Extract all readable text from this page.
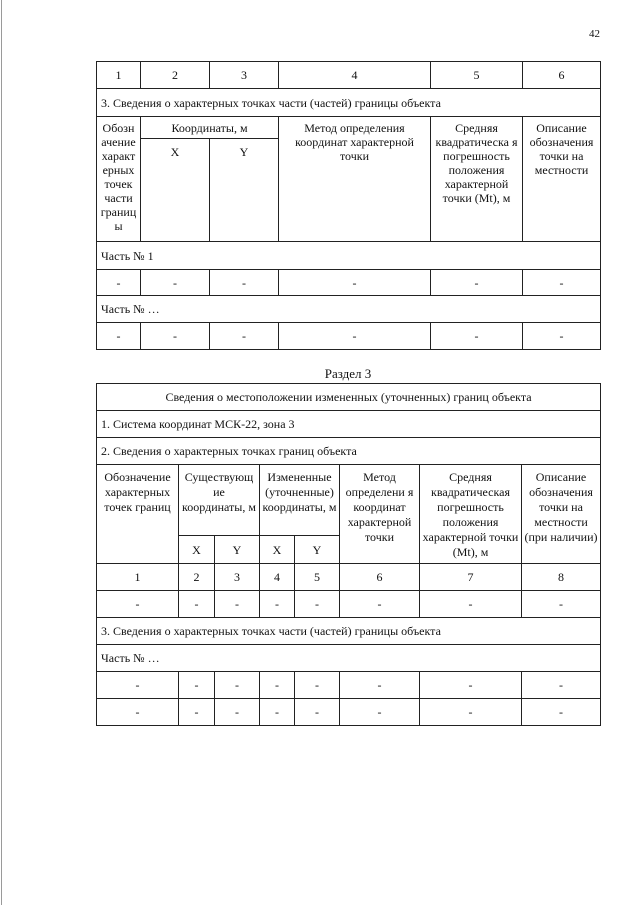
42
1	2	3	4	5	6
3. Сведения о характерных точках части (частей) границы объекта					
Обозн ачение характ ерных точек части границ ы	Координаты, м		Метод определения координат характерной точки	Средняя квадратическа я погрешность положения характерной точки (Mt), м	Описание обозначения точки на местности
	X	Y			
Часть № 1					
-	-	-	-	-	-
Часть № …					
-	-	-	-	-	-
Раздел 3
Сведения о местоположении измененных (уточненных) границ объекта							
1. Система координат МСК-22, зона 3							
2. Сведения о характерных точках границ объекта							
Обозначение характерных точек границ	Существующ ие координаты, м		Измененные (уточненные) координаты, м		Метод определени я координат характерной точки	Средняя квадратическая погрешность положения характерной точки (Mt), м	Описание обозначения точки на местности (при наличии)
	X	Y	X	Y			
1	2	3	4	5	6	7	8
-	-	-	-	-	-	-	-
3. Сведения о характерных точках части (частей) границы объекта							
Часть № …							
-	-	-	-	-	-	-	-
-	-	-	-	-	-	-	-
